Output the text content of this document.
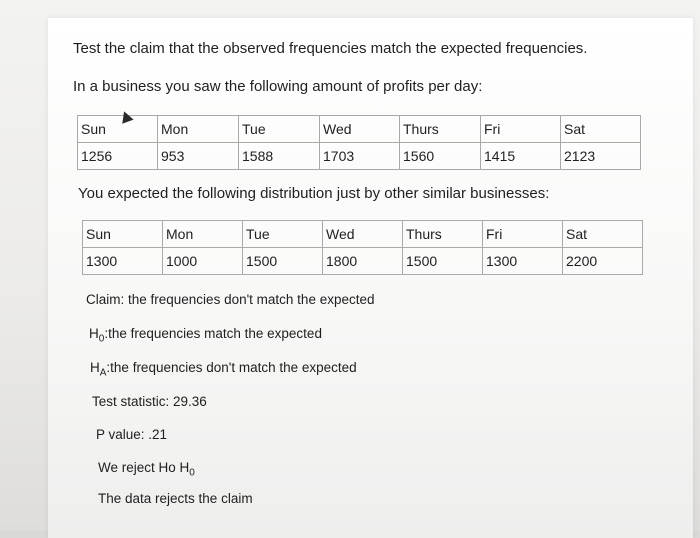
Test the claim that the observed frequencies match the expected frequencies.
In a business you saw the following amount of profits per day:
Sun	Mon	Tue	Wed	Thurs	Fri	Sat
1256	953	1588	1703	1560	1415	2123
You expected the following distribution just by other similar businesses:
Sun	Mon	Tue	Wed	Thurs	Fri	Sat
1300	1000	1500	1800	1500	1300	2200
Claim: the frequencies don't match the expected
$H_0:the$ frequencies match the expected
$H_A:the$ frequencies don't match the expected
Test statistic: 29.36
P value: .21
We reject Ho $H_0$
The data rejects the claim
